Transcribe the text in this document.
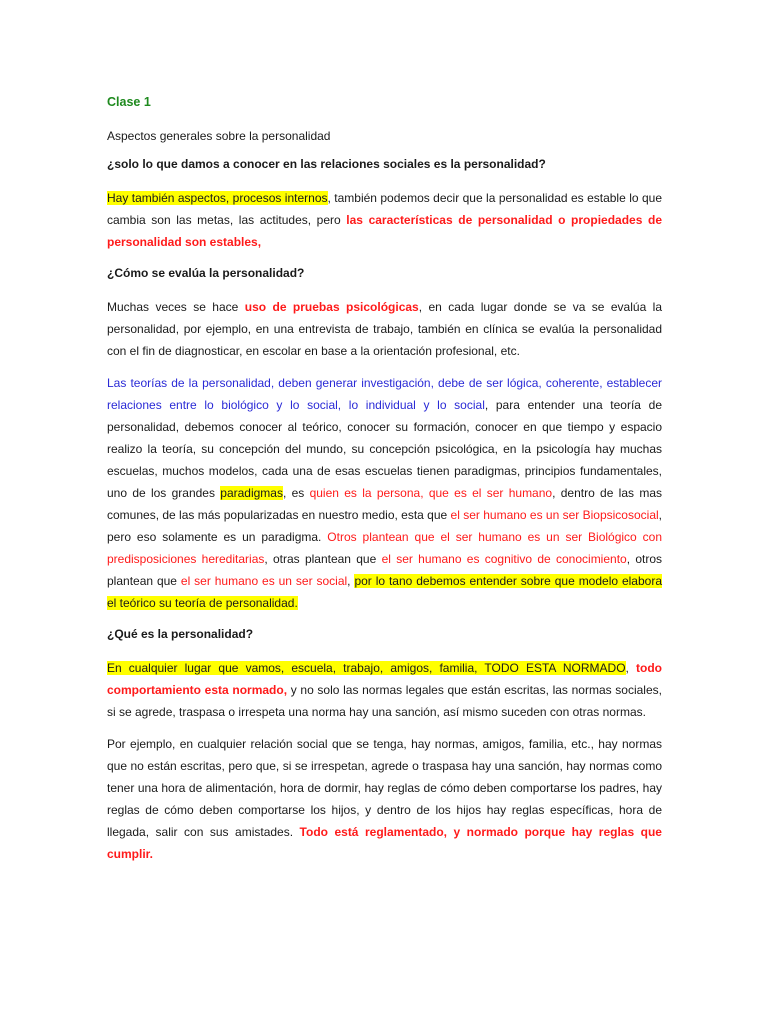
Clase 1
Aspectos generales sobre la personalidad
¿solo lo que damos a conocer en las relaciones sociales es la personalidad?

Hay también aspectos, procesos internos, también podemos decir que la personalidad es estable lo que cambia son las metas, las actitudes, pero las características de personalidad o propiedades de personalidad son estables,

¿Cómo se evalúa la personalidad?

Muchas veces se hace uso de pruebas psicológicas, en cada lugar donde se va se evalúa la personalidad, por ejemplo, en una entrevista de trabajo, también en clínica se evalúa la personalidad con el fin de diagnosticar, en escolar en base a la orientación profesional, etc.

Las teorías de la personalidad, deben generar investigación, debe de ser lógica, coherente, establecer relaciones entre lo biológico y lo social, lo individual y lo social, para entender una teoría de personalidad, debemos conocer al teórico, conocer su formación, conocer en que tiempo y espacio realizo la teoría, su concepción del mundo, su concepción psicológica, en la psicología hay muchas escuelas, muchos modelos, cada una de esas escuelas tienen paradigmas, principios fundamentales, uno de los grandes paradigmas, es quien es la persona, que es el ser humano, dentro de las mas comunes, de las más popularizadas en nuestro medio, esta que el ser humano es un ser Biopsicosocial, pero eso solamente es un paradigma. Otros plantean que el ser humano es un ser Biológico con predisposiciones hereditarias, otras plantean que el ser humano es cognitivo de conocimiento, otros plantean que el ser humano es un ser social, por lo tano debemos entender sobre que modelo elabora el teórico su teoría de personalidad.

¿Qué es la personalidad?

En cualquier lugar que vamos, escuela, trabajo, amigos, familia, TODO ESTA NORMADO, todo comportamiento esta normado, y no solo las normas legales que están escritas, las normas sociales, si se agrede, traspasa o irrespeta una norma hay una sanción, así mismo suceden con otras normas.

Por ejemplo, en cualquier relación social que se tenga, hay normas, amigos, familia, etc., hay normas que no están escritas, pero que, si se irrespetan, agrede o traspasa hay una sanción, hay normas como tener una hora de alimentación, hora de dormir, hay reglas de cómo deben comportarse los padres, hay reglas de cómo deben comportarse los hijos, y dentro de los hijos hay reglas específicas, hora de llegada, salir con sus amistades. Todo está reglamentado, y normado porque hay reglas que cumplir.
